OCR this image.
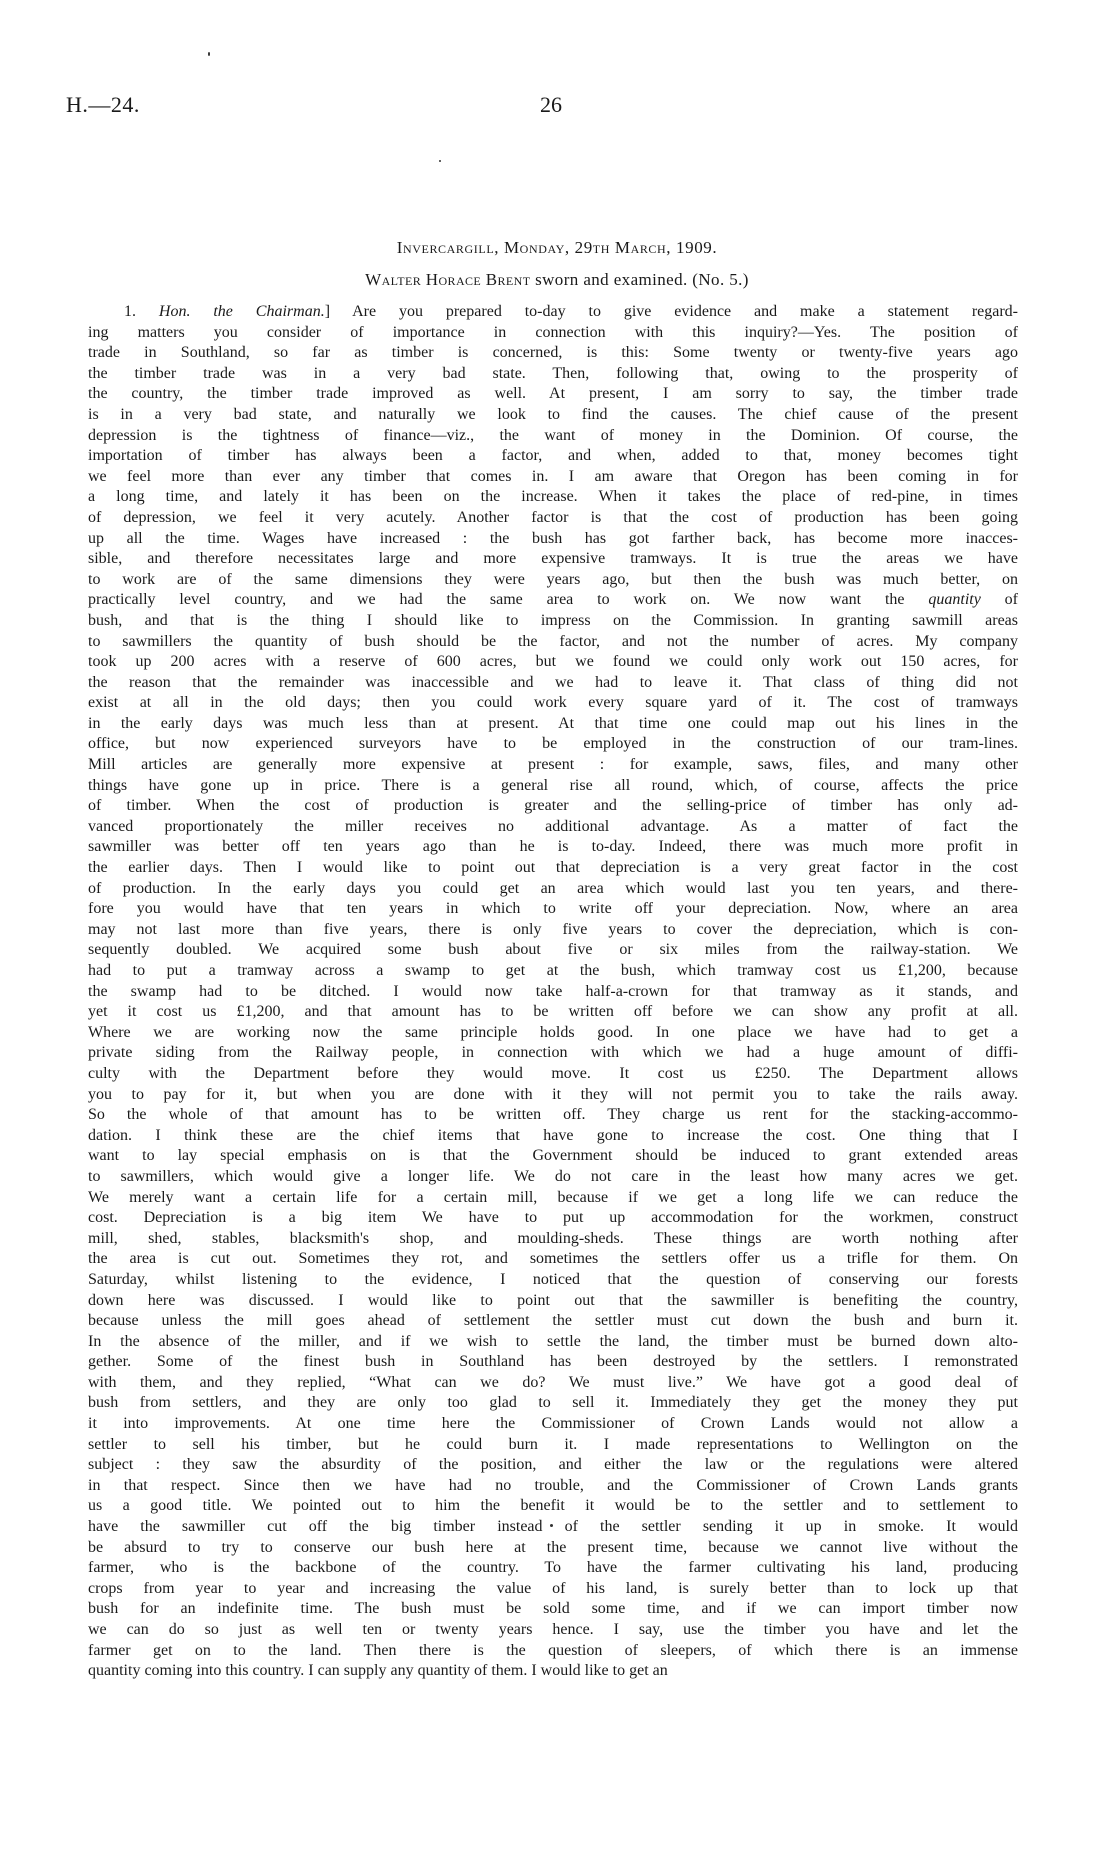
H.—24.	26
Invercargill, Monday, 29th March, 1909.
Walter Horace Brent sworn and examined. (No. 5.)
1. Hon. the Chairman.] Are you prepared to-day to give evidence and make a statement regard-
ing matters you consider of importance in connection with this inquiry?—Yes. The position of
trade in Southland, so far as timber is concerned, is this: Some twenty or twenty-five years ago
the timber trade was in a very bad state. Then, following that, owing to the prosperity of
the country, the timber trade improved as well. At present, I am sorry to say, the timber trade
is in a very bad state, and naturally we look to find the causes. The chief cause of the present
depression is the tightness of finance—viz., the want of money in the Dominion. Of course, the
importation of timber has always been a factor, and when, added to that, money becomes tight
we feel more than ever any timber that comes in. I am aware that Oregon has been coming in for
a long time, and lately it has been on the increase. When it takes the place of red-pine, in times
of depression, we feel it very acutely. Another factor is that the cost of production has been going
up all the time. Wages have increased : the bush has got farther back, has become more inacces-
sible, and therefore necessitates large and more expensive tramways. It is true the areas we have
to work are of the same dimensions they were years ago, but then the bush was much better, on
practically level country, and we had the same area to work on. We now want the quantity of
bush, and that is the thing I should like to impress on the Commission. In granting sawmill areas
to sawmillers the quantity of bush should be the factor, and not the number of acres. My company
took up 200 acres with a reserve of 600 acres, but we found we could only work out 150 acres, for
the reason that the remainder was inaccessible and we had to leave it. That class of thing did not
exist at all in the old days; then you could work every square yard of it. The cost of tramways
in the early days was much less than at present. At that time one could map out his lines in the
office, but now experienced surveyors have to be employed in the construction of our tram-lines.
Mill articles are generally more expensive at present : for example, saws, files, and many other
things have gone up in price. There is a general rise all round, which, of course, affects the price
of timber. When the cost of production is greater and the selling-price of timber has only ad-
vanced proportionately the miller receives no additional advantage. As a matter of fact the
sawmiller was better off ten years ago than he is to-day. Indeed, there was much more profit in
the earlier days. Then I would like to point out that depreciation is a very great factor in the cost
of production. In the early days you could get an area which would last you ten years, and there-
fore you would have that ten years in which to write off your depreciation. Now, where an area
may not last more than five years, there is only five years to cover the depreciation, which is con-
sequently doubled. We acquired some bush about five or six miles from the railway-station. We
had to put a tramway across a swamp to get at the bush, which tramway cost us £1,200, because
the swamp had to be ditched. I would now take half-a-crown for that tramway as it stands, and
yet it cost us £1,200, and that amount has to be written off before we can show any profit at all.
Where we are working now the same principle holds good. In one place we have had to get a
private siding from the Railway people, in connection with which we had a huge amount of diffi-
culty with the Department before they would move. It cost us £250. The Department allows
you to pay for it, but when you are done with it they will not permit you to take the rails away.
So the whole of that amount has to be written off. They charge us rent for the stacking-accommo-
dation. I think these are the chief items that have gone to increase the cost. One thing that I
want to lay special emphasis on is that the Government should be induced to grant extended areas
to sawmillers, which would give a longer life. We do not care in the least how many acres we get.
We merely want a certain life for a certain mill, because if we get a long life we can reduce the
cost. Depreciation is a big item We have to put up accommodation for the workmen, construct
mill, shed, stables, blacksmith's shop, and moulding-sheds. These things are worth nothing after
the area is cut out. Sometimes they rot, and sometimes the settlers offer us a trifle for them. On
Saturday, whilst listening to the evidence, I noticed that the question of conserving our forests
down here was discussed. I would like to point out that the sawmiller is benefiting the country,
because unless the mill goes ahead of settlement the settler must cut down the bush and burn it.
In the absence of the miller, and if we wish to settle the land, the timber must be burned down alto-
gether. Some of the finest bush in Southland has been destroyed by the settlers. I remonstrated
with them, and they replied, “What can we do? We must live.” We have got a good deal of
bush from settlers, and they are only too glad to sell it. Immediately they get the money they put
it into improvements. At one time here the Commissioner of Crown Lands would not allow a
settler to sell his timber, but he could burn it. I made representations to Wellington on the
subject : they saw the absurdity of the position, and either the law or the regulations were altered
in that respect. Since then we have had no trouble, and the Commissioner of Crown Lands grants
us a good title. We pointed out to him the benefit it would be to the settler and to settlement to
have the sawmiller cut off the big timber instead of the settler sending it up in smoke. It would
be absurd to try to conserve our bush here at the present time, because we cannot live without the
farmer, who is the backbone of the country. To have the farmer cultivating his land, producing
crops from year to year and increasing the value of his land, is surely better than to lock up that
bush for an indefinite time. The bush must be sold some time, and if we can import timber now
we can do so just as well ten or twenty years hence. I say, use the timber you have and let the
farmer get on to the land. Then there is the question of sleepers, of which there is an immense
quantity coming into this country. I can supply any quantity of them. I would like to get an
